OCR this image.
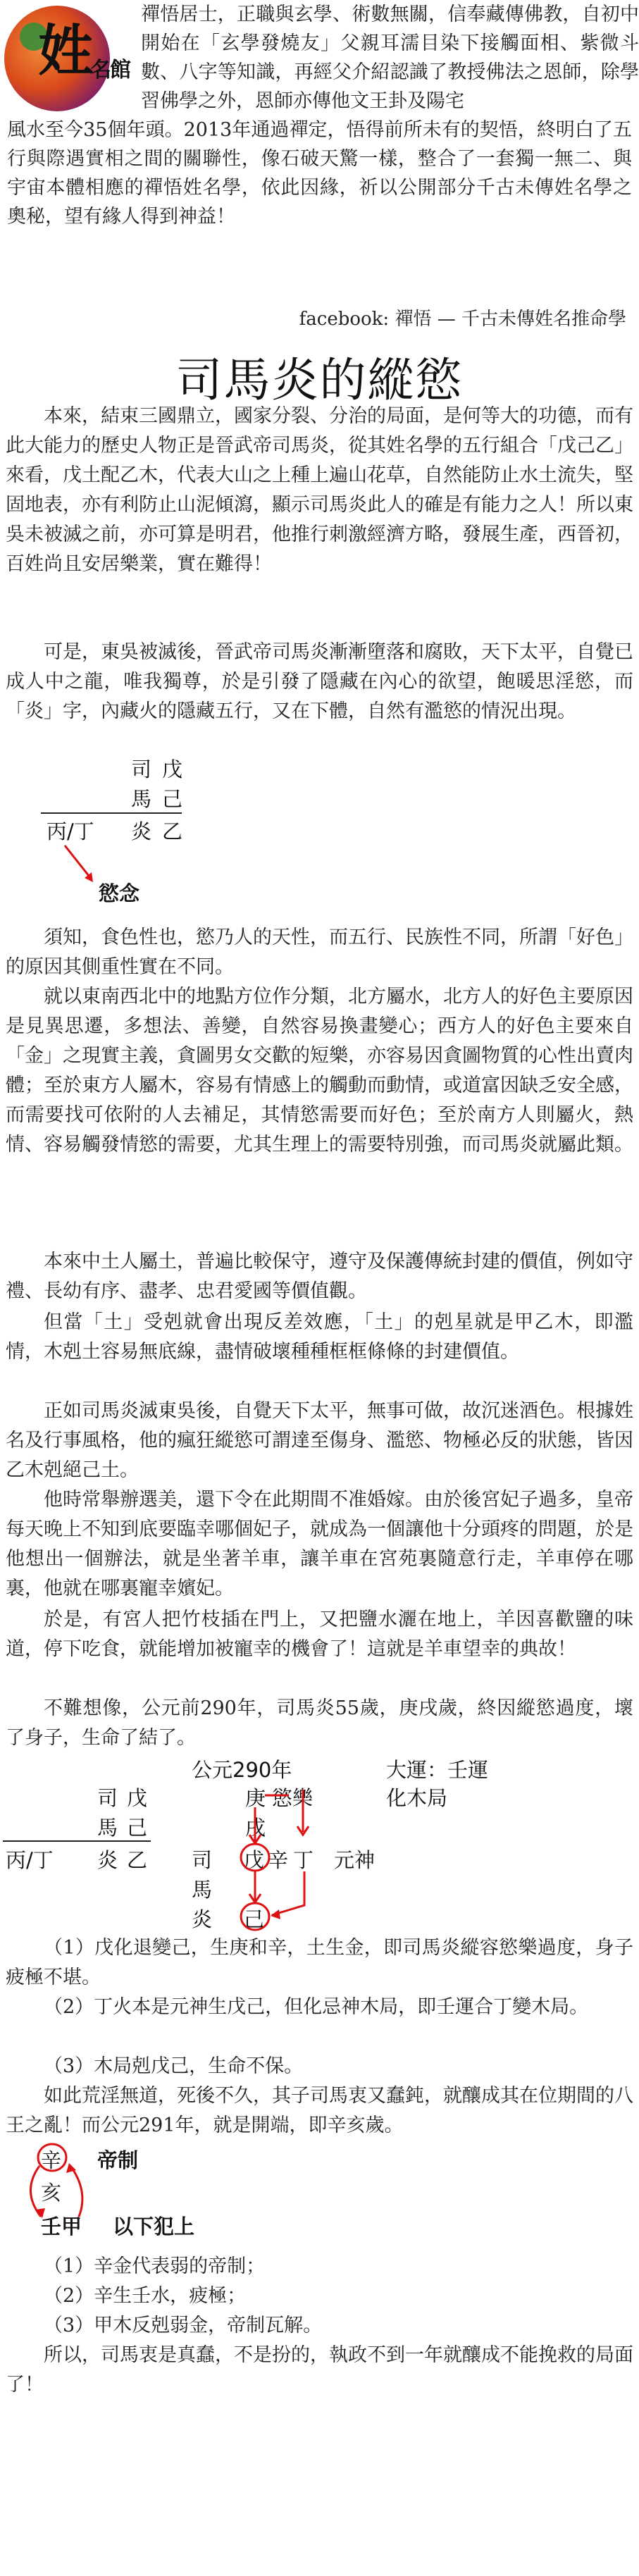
姓
名館

禪悟居士，正職與玄學、術數無關，信奉藏傳佛教，自初中開始在「玄學發燒友」父親耳濡目染下接觸面相、紫微斗數、八字等知識，再經父介紹認識了教授佛法之恩師，除學習佛學之外，恩師亦傳他文王卦及陽宅

風水至今35個年頭。2013年通過禪定，悟得前所未有的契悟，終明白了五行與際遇實相之間的關聯性，像石破天驚一樣，整合了一套獨一無二、與宇宙本體相應的禪悟姓名學，依此因緣，祈以公開部分千古未傳姓名學之奧秘，望有緣人得到神益！

facebook: 禪悟 — 千古未傳姓名推命學
司馬炎的縱慾

本來，結束三國鼎立，國家分裂、分治的局面，是何等大的功德，而有此大能力的歷史人物正是晉武帝司馬炎，從其姓名學的五行組合「戊己乙」來看，戊土配乙木，代表大山之上種上遍山花草，自然能防止水土流失，堅固地表，亦有利防止山泥傾瀉，顯示司馬炎此人的確是有能力之人！所以東吳未被滅之前，亦可算是明君，他推行刺激經濟方略，發展生產，西晉初，百姓尚且安居樂業，實在難得！

可是，東吳被滅後，晉武帝司馬炎漸漸墮落和腐敗，天下太平，自覺已成人中之龍，唯我獨尊，於是引發了隱藏在內心的欲望，飽暖思淫慾，而「炎」字，內藏火的隱藏五行，又在下體，自然有濫慾的情況出現。

司 戊
馬 己
丙/丁 炎 乙
慾念

須知，食色性也，慾乃人的天性，而五行、民族性不同，所謂「好色」的原因其側重性實在不同。

就以東南西北中的地點方位作分類，北方屬水，北方人的好色主要原因是見異思遷，多想法、善變，自然容易換畫變心；西方人的好色主要來自「金」之現實主義，貪圖男女交歡的短樂，亦容易因貪圖物質的心性出賣肉體；至於東方人屬木，容易有情感上的觸動而動情，或道富因缺乏安全感，而需要找可依附的人去補足，其情慾需要而好色；至於南方人則屬火，熱情、容易觸發情慾的需要，尤其生理上的需要特別強，而司馬炎就屬此類。

本來中土人屬土，普遍比較保守，遵守及保護傳統封建的價值，例如守禮、長幼有序、盡孝、忠君愛國等價值觀。

但當「土」受剋就會出現反差效應，「土」的剋星就是甲乙木，即濫情，木剋土容易無底線，盡情破壞種種框框條條的封建價值。

正如司馬炎滅東吳後，自覺天下太平，無事可做，故沉迷酒色。根據姓名及行事風格，他的瘋狂縱慾可謂達至傷身、濫慾、物極必反的狀態，皆因乙木剋絕己土。

他時常舉辦選美，還下令在此期間不准婚嫁。由於後宮妃子過多，皇帝每天晚上不知到底要臨幸哪個妃子，就成為一個讓他十分頭疼的問題，於是他想出一個辦法，就是坐著羊車，讓羊車在宮苑裏隨意行走，羊車停在哪裏，他就在哪裏寵幸嬪妃。

於是，有宮人把竹枝插在門上，又把鹽水灑在地上，羊因喜歡鹽的味道，停下吃食，就能增加被寵幸的機會了！這就是羊車望幸的典故！

不難想像，公元前290年，司馬炎55歲，庚戌歲，終因縱慾過度，壞了身子，生命了結了。

公元290年	大運：壬運
司 戊	庚 慾樂	化木局
馬 己	戌
丙/丁 炎 乙 司
馬
炎
戊 辛 丁 元神
己

（1）戊化退變己，生庚和辛，土生金，即司馬炎縱容慾樂過度，身子疲極不堪。

（2）丁火本是元神生戊己，但化忌神木局，即壬運合丁變木局。

（3）木局剋戊己，生命不保。

如此荒淫無道，死後不久，其子司馬衷又蠢鈍，就釀成其在位期間的八王之亂！而公元291年，就是開端，即辛亥歲。

辛 帝制
亥
壬甲 以下犯上

（1）辛金代表弱的帝制；

（2）辛生壬水，疲極；

（3）甲木反剋弱金，帝制瓦解。

所以，司馬衷是真蠢，不是扮的，執政不到一年就釀成不能挽救的局面了！
